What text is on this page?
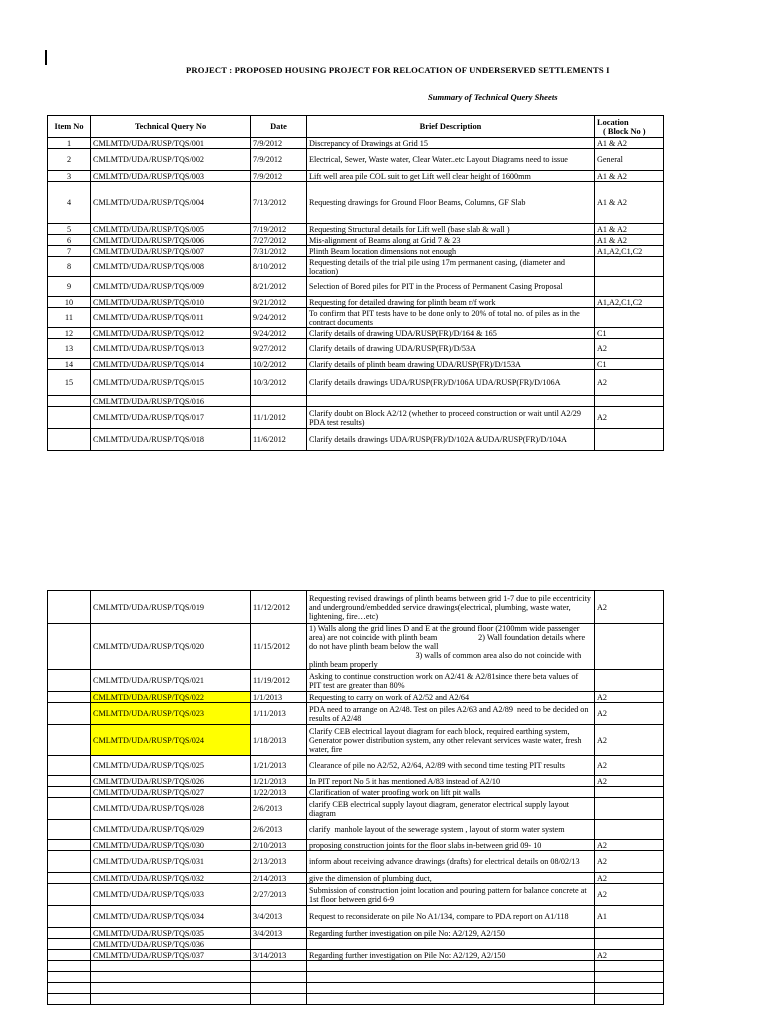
PROJECT : PROPOSED HOUSING PROJECT FOR RELOCATION OF UNDERSERVED SETTLEMENTS I
Summary of Technical Query Sheets
Item No	Technical Query No	Date	Brief Description	Location
( Block No )

1	CMLMTD/UDA/RUSP/TQS/001	7/9/2012	Discrepancy of Drawings at Grid 15	A1 & A2
2	CMLMTD/UDA/RUSP/TQS/002	7/9/2012	Electrical, Sewer, Waste water, Clear Water..etc Layout Diagrams need to issue	General
3	CMLMTD/UDA/RUSP/TQS/003	7/9/2012	Lift well area pile COL suit to get Lift well clear height of 1600mm	A1 & A2
4	CMLMTD/UDA/RUSP/TQS/004	7/13/2012	Requesting drawings for Ground Floor Beams, Columns, GF Slab	A1 & A2
5	CMLMTD/UDA/RUSP/TQS/005	7/19/2012	Requesting Structural details for Lift well (base slab & wall )	A1 & A2
6	CMLMTD/UDA/RUSP/TQS/006	7/27/2012	Mis-alignment of Beams along at Grid 7 & 23	A1 & A2
7	CMLMTD/UDA/RUSP/TQS/007	7/31/2012	Plinth Beam location dimensions not enough	A1,A2,C1,C2
8	CMLMTD/UDA/RUSP/TQS/008	8/10/2012	Requesting details of the trial pile using 17m permanent casing, (diameter and location)	
9	CMLMTD/UDA/RUSP/TQS/009	8/21/2012	Selection of Bored piles for PIT in the Process of Permanent Casing Proposal	
10	CMLMTD/UDA/RUSP/TQS/010	9/21/2012	Requesting for detailed drawing for plinth beam r/f work	A1,A2,C1,C2
11	CMLMTD/UDA/RUSP/TQS/011	9/24/2012	To confirm that PIT tests have to be done only to 20% of total no. of piles as in the contract documents	
12	CMLMTD/UDA/RUSP/TQS/012	9/24/2012	Clarify details of drawing UDA/RUSP(FR)/D/164 & 165	C1
13	CMLMTD/UDA/RUSP/TQS/013	9/27/2012	Clarify details of drawing UDA/RUSP(FR)/D/53A	A2
14	CMLMTD/UDA/RUSP/TQS/014	10/2/2012	Clarify details of plinth beam drawing UDA/RUSP(FR)/D/153A	C1
15	CMLMTD/UDA/RUSP/TQS/015	10/3/2012	Clarify details drawings UDA/RUSP(FR)/D/106A UDA/RUSP(FR)/D/106A	A2
	CMLMTD/UDA/RUSP/TQS/016			
	CMLMTD/UDA/RUSP/TQS/017	11/1/2012	Clarify doubt on Block A2/12 (whether to proceed construction or wait until A2/29 PDA test results)	A2
	CMLMTD/UDA/RUSP/TQS/018	11/6/2012	Clarify details drawings UDA/RUSP(FR)/D/102A &UDA/RUSP(FR)/D/104A	
	CMLMTD/UDA/RUSP/TQS/019	11/12/2012	Requesting revised drawings of plinth beams between grid 1-7 due to pile eccentricity and underground/embedded service drawings(electrical, plumbing, waste water, lightening, fire…etc)	A2
	CMLMTD/UDA/RUSP/TQS/020	11/15/2012	1) Walls along the grid lines D and E at the ground floor (2100mm wide passenger area) are not coincide with plinth beam                    2) Wall foundation details where do not have plinth beam below the wall
3) walls of common area also do not coincide with plinth beam properly	
	CMLMTD/UDA/RUSP/TQS/021	11/19/2012	Asking to continue construction work on A2/41 & A2/81since there beta values of PIT test are greater than 80%	
	CMLMTD/UDA/RUSP/TQS/022	1/1/2013	Requesting to carry on work of A2/52 and A2/64	A2
	CMLMTD/UDA/RUSP/TQS/023	1/11/2013	PDA need to arrange on A2/48. Test on piles A2/63 and A2/89  need to be decided on results of A2/48	A2
	CMLMTD/UDA/RUSP/TQS/024	1/18/2013	Clarify CEB electrical layout diagram for each block, required earthing system, Generator power distribution system, any other relevant services waste water, fresh water, fire	A2
	CMLMTD/UDA/RUSP/TQS/025	1/21/2013	Clearance of pile no A2/52, A2/64, A2/89 with second time testing PIT results	A2
	CMLMTD/UDA/RUSP/TQS/026	1/21/2013	In PIT report No 5 it has mentioned A/83 instead of A2/10	A2
	CMLMTD/UDA/RUSP/TQS/027	1/22/2013	Clarification of water proofing work on lift pit walls	
	CMLMTD/UDA/RUSP/TQS/028	2/6/2013	clarify CEB electrical supply layout diagram, generator electrical supply layout diagram	
	CMLMTD/UDA/RUSP/TQS/029	2/6/2013	clarify  manhole layout of the sewerage system , layout of storm water system	
	CMLMTD/UDA/RUSP/TQS/030	2/10/2013	proposing construction joints for the floor slabs in-between grid 09- 10	A2
	CMLMTD/UDA/RUSP/TQS/031	2/13/2013	inform about receiving advance drawings (drafts) for electrical details on 08/02/13	A2
	CMLMTD/UDA/RUSP/TQS/032	2/14/2013	give the dimension of plumbing duct,	A2
	CMLMTD/UDA/RUSP/TQS/033	2/27/2013	Submission of construction joint location and pouring pattern for balance concrete at 1st floor between grid 6-9	A2
	CMLMTD/UDA/RUSP/TQS/034	3/4/2013	Request to reconsiderate on pile No A1/134, compare to PDA report on A1/118	A1
	CMLMTD/UDA/RUSP/TQS/035	3/4/2013	Regarding further investigation on pile No: A2/129, A2/150	
	CMLMTD/UDA/RUSP/TQS/036			
	CMLMTD/UDA/RUSP/TQS/037	3/14/2013	Regarding further investigation on Pile No: A2/129, A2/150	A2
